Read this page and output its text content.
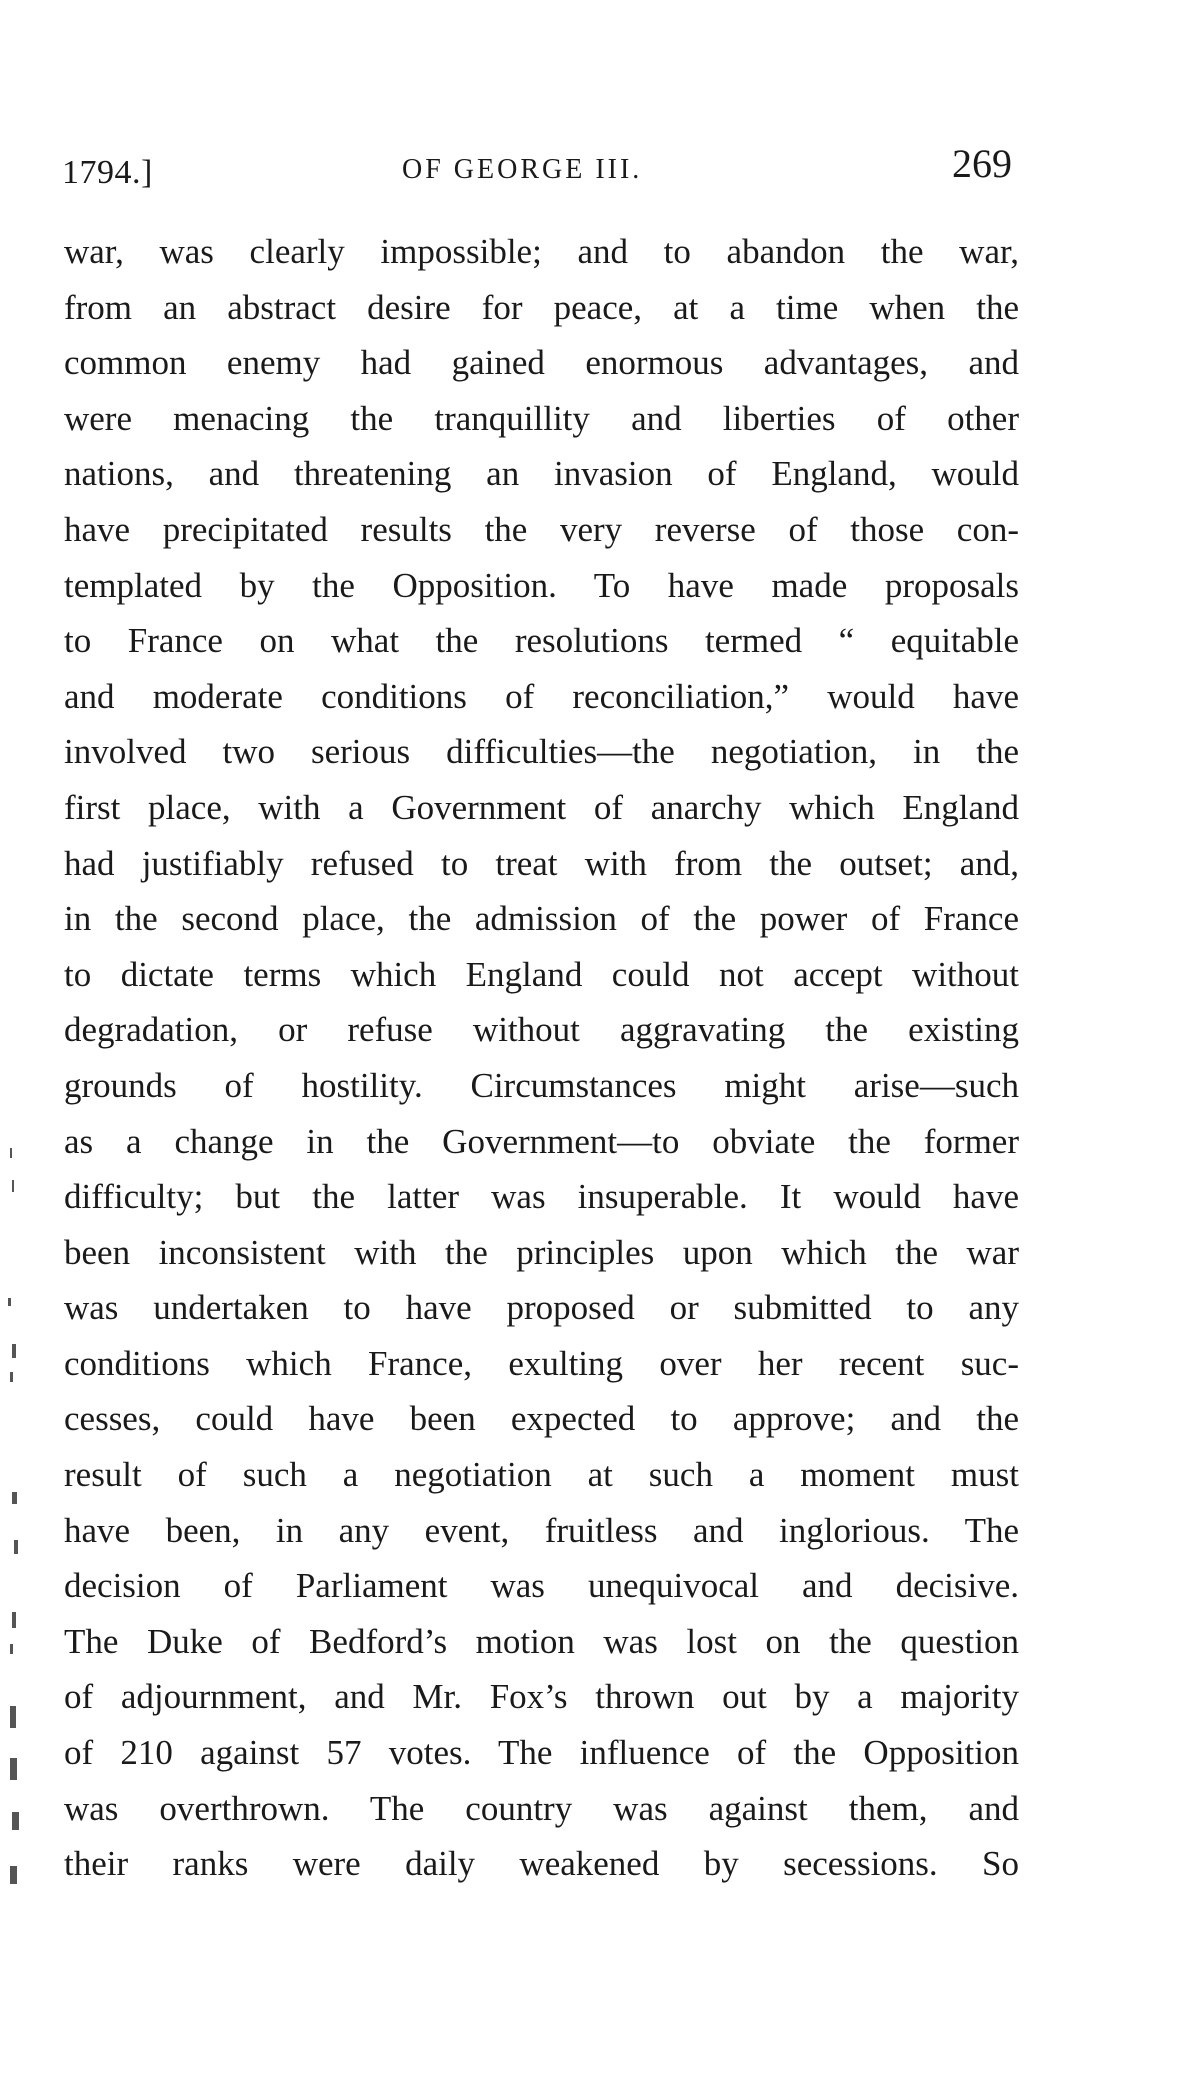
1794.]	OF GEORGE III.	269
war, was clearly impossible; and to abandon the war,
from an abstract desire for peace, at a time when the
common enemy had gained enormous advantages, and
were menacing the tranquillity and liberties of other
nations, and threatening an invasion of England, would
have precipitated results the very reverse of those con-
templated by the Opposition. To have made proposals
to France on what the resolutions termed “ equitable
and moderate conditions of reconciliation,” would have
involved two serious difficulties—the negotiation, in the
first place, with a Government of anarchy which England
had justifiably refused to treat with from the outset; and,
in the second place, the admission of the power of France
to dictate terms which England could not accept without
degradation, or refuse without aggravating the existing
grounds of hostility. Circumstances might arise—such
as a change in the Government—to obviate the former
difficulty; but the latter was insuperable. It would have
been inconsistent with the principles upon which the war
was undertaken to have proposed or submitted to any
conditions which France, exulting over her recent suc-
cesses, could have been expected to approve; and the
result of such a negotiation at such a moment must
have been, in any event, fruitless and inglorious. The
decision of Parliament was unequivocal and decisive.
The Duke of Bedford’s motion was lost on the question
of adjournment, and Mr. Fox’s thrown out by a majority
of 210 against 57 votes. The influence of the Opposition
was overthrown. The country was against them, and
their ranks were daily weakened by secessions. So
